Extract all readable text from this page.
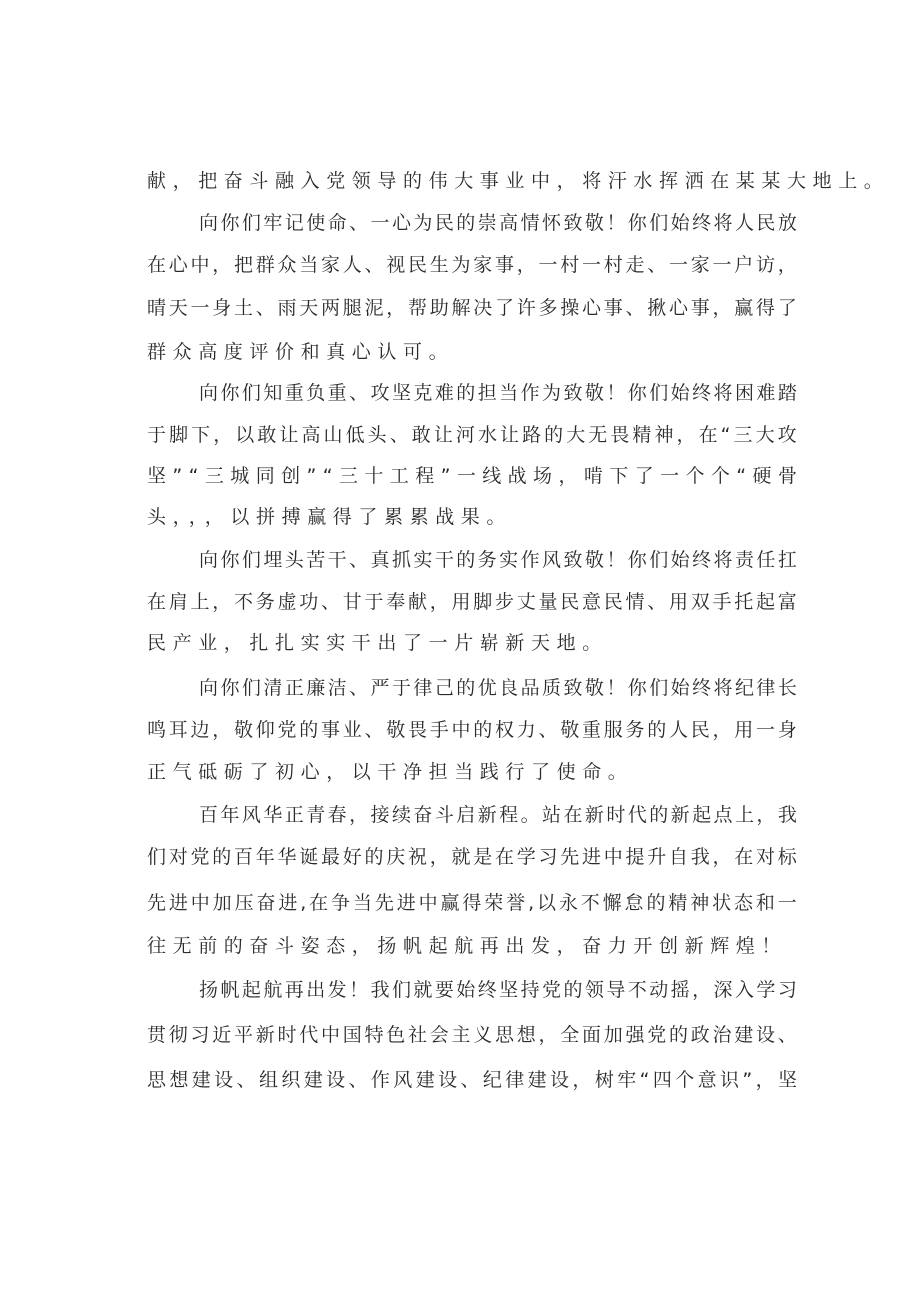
献，把奋斗融入党领导的伟大事业中，将汗水挥洒在某某大地上。
向 你 们 牢 记 使 命 、 一 心 为 民 的 崇 高 情 怀 致 敬 ！ 你 们 始 终 将 人 民 放
在 心 中 ， 把 群 众 当 家 人 、 视 民 生 为 家 事 ， 一 村 一 村 走 、 一 家 一 户 访 ，
晴 天 一 身 土 、 雨 天 两 腿 泥 ， 帮 助 解 决 了 许 多 操 心 事 、 揪 心 事 ， 赢 得 了
群众高度评价和真心认可。
向 你 们 知 重 负 重 、 攻 坚 克 难 的 担 当 作 为 致 敬 ！ 你 们 始 终 将 困 难 踏
于 脚 下 ， 以 敢 让 高 山 低 头 、 敢 让 河 水 让 路 的 大 无 畏 精 神 ， 在 “ 三 大 攻
坚 ” “ 三 城 同 创 ” “ 三 十 工 程 ” 一 线 战 场 ， 啃 下 了 一 个 个 “ 硬 骨
头，，，以拼搏赢得了累累战果。
向 你 们 埋 头 苦 干 、 真 抓 实 干 的 务 实 作 风 致 敬 ！ 你 们 始 终 将 责 任 扛
在 肩 上 ， 不 务 虚 功 、 甘 于 奉 献 ， 用 脚 步 丈 量 民 意 民 情 、 用 双 手 托 起 富
民产业，扎扎实实干出了一片崭新天地。
向 你 们 清 正 廉 洁 、 严 于 律 己 的 优 良 品 质 致 敬 ！ 你 们 始 终 将 纪 律 长
鸣 耳 边 ， 敬 仰 党 的 事 业 、 敬 畏 手 中 的 权 力 、 敬 重 服 务 的 人 民 ， 用 一 身
正气砥砺了初心，以干净担当践行了使命。
百 年 风 华 正 青 春 ， 接 续 奋 斗 启 新 程 。 站 在 新 时 代 的 新 起 点 上 ， 我
们 对 党 的 百 年 华 诞 最 好 的 庆 祝 ， 就 是 在 学 习 先 进 中 提 升 自 我 ， 在 对 标
先 进 中 加 压 奋 进 , 在 争 当 先 进 中 赢 得 荣 誉 , 以 永 不 懈 怠 的 精 神 状 态 和 一
往无前的奋斗姿态，扬帆起航再出发，奋力开创新辉煌！
扬 帆 起 航 再 出 发 ！ 我 们 就 要 始 终 坚 持 党 的 领 导 不 动 摇 ， 深 入 学 习
贯 彻 习 近 平 新 时 代 中 国 特 色 社 会 主 义 思 想 ， 全 面 加 强 党 的 政 治 建 设 、
思 想 建 设 、 组 织 建 设 、 作 风 建 设 、 纪 律 建 设 ， 树 牢 “ 四 个 意 识 ” ， 坚
